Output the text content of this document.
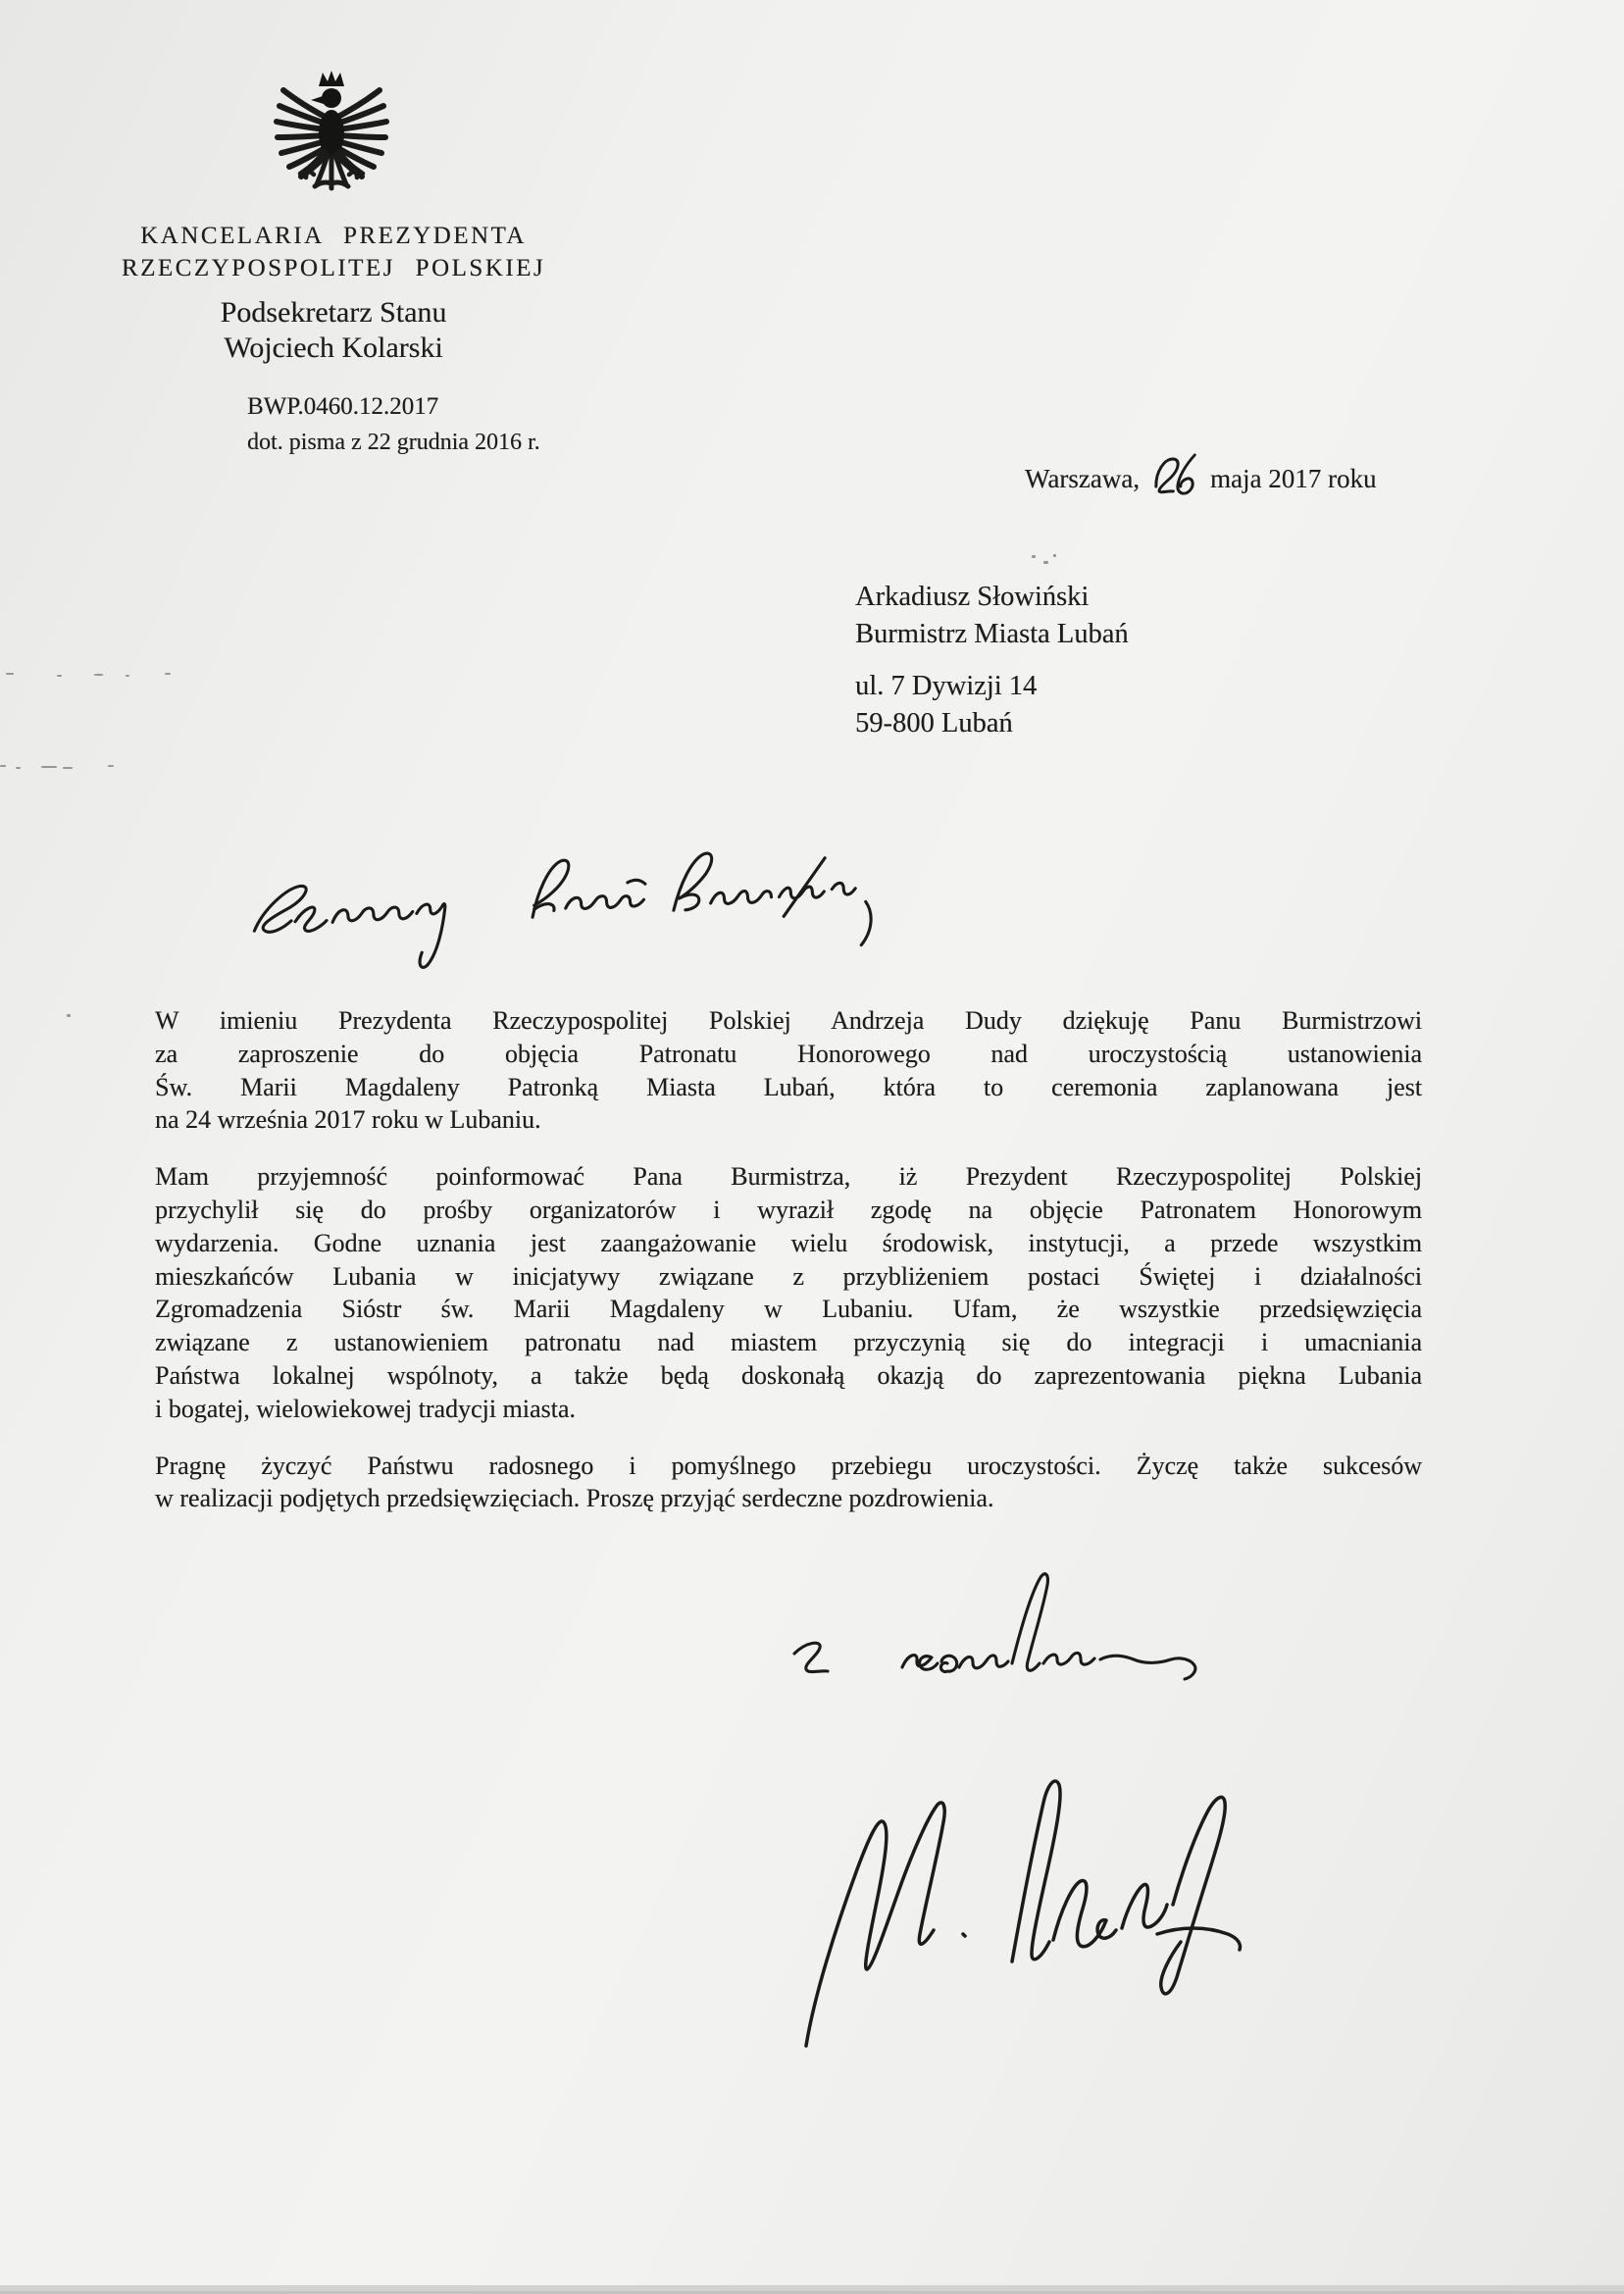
KANCELARIA PREZYDENTA
RZECZYPOSPOLITEJ POLSKIEJ
Podsekretarz Stanu
Wojciech Kolarski
BWP.0460.12.2017
dot. pisma z 22 grudnia 2016 r.
Warszawa,	maja 2017 roku
Arkadiusz Słowiński
Burmistrz Miasta Lubań
ul. 7 Dywizji 14
59-800 Lubań

W imieniu Prezydenta Rzeczypospolitej Polskiej Andrzeja Dudy dziękuję Panu Burmistrzowi
za zaproszenie do objęcia Patronatu Honorowego nad uroczystością ustanowienia
Św. Marii Magdaleny Patronką Miasta Lubań, która to ceremonia zaplanowana jest
na 24 września 2017 roku w Lubaniu.

Mam przyjemność poinformować Pana Burmistrza, iż Prezydent Rzeczypospolitej Polskiej
przychylił się do prośby organizatorów i wyraził zgodę na objęcie Patronatem Honorowym
wydarzenia. Godne uznania jest zaangażowanie wielu środowisk, instytucji, a przede wszystkim
mieszkańców Lubania w inicjatywy związane z przybliżeniem postaci Świętej i działalności
Zgromadzenia Sióstr św. Marii Magdaleny w Lubaniu. Ufam, że wszystkie przedsięwzięcia
związane z ustanowieniem patronatu nad miastem przyczynią się do integracji i umacniania
Państwa lokalnej wspólnoty, a także będą doskonałą okazją do zaprezentowania piękna Lubania
i bogatej, wielowiekowej tradycji miasta.

Pragnę życzyć Państwu radosnego i pomyślnego przebiegu uroczystości. Życzę także sukcesów
w realizacji podjętych przedsięwzięciach. Proszę przyjąć serdeczne pozdrowienia.
